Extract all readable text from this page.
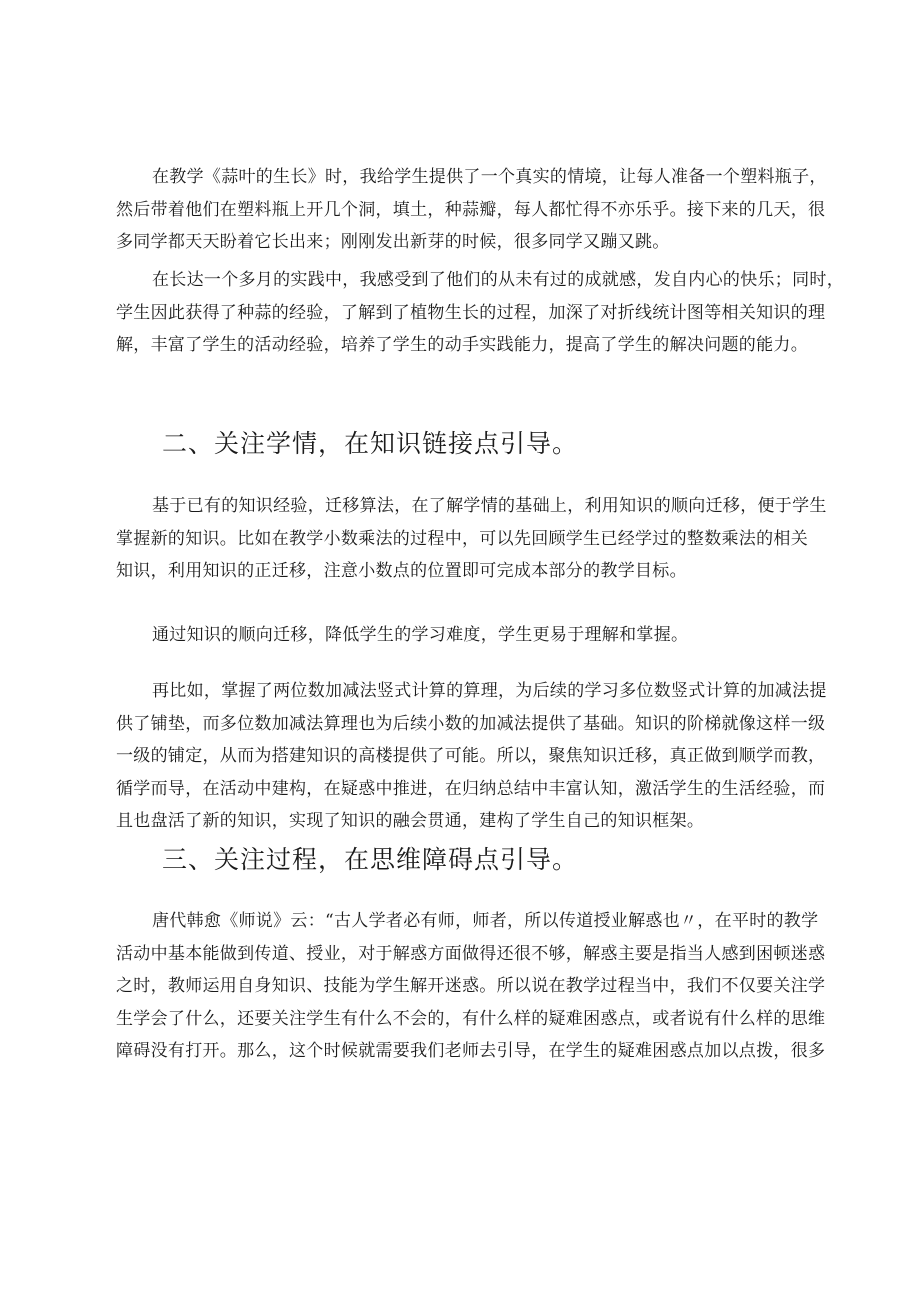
在教学《蒜叶的生长》时，我给学生提供了一个真实的情境，让每人准备一个塑料瓶子，
然后带着他们在塑料瓶上开几个洞，填土，种蒜瓣，每人都忙得不亦乐乎。接下来的几天，很
多同学都天天盼着它长出来；刚刚发出新芽的时候，很多同学又蹦又跳。

在长达一个多月的实践中，我感受到了他们的从未有过的成就感，发自内心的快乐；同时，
学生因此获得了种蒜的经验，了解到了植物生长的过程，加深了对折线统计图等相关知识的理
解，丰富了学生的活动经验，培养了学生的动手实践能力，提高了学生的解决问题的能力。

二、关注学情，在知识链接点引导。

基于已有的知识经验，迁移算法，在了解学情的基础上，利用知识的顺向迁移，便于学生
掌握新的知识。比如在教学小数乘法的过程中，可以先回顾学生已经学过的整数乘法的相关
知识，利用知识的正迁移，注意小数点的位置即可完成本部分的教学目标。

通过知识的顺向迁移，降低学生的学习难度，学生更易于理解和掌握。

再比如，掌握了两位数加减法竖式计算的算理，为后续的学习多位数竖式计算的加减法提
供了铺垫，而多位数加减法算理也为后续小数的加减法提供了基础。知识的阶梯就像这样一级
一级的铺定，从而为搭建知识的高楼提供了可能。所以，聚焦知识迁移，真正做到顺学而教，
循学而导，在活动中建构，在疑惑中推进，在归纳总结中丰富认知，激活学生的生活经验，而
且也盘活了新的知识，实现了知识的融会贯通，建构了学生自己的知识框架。

三、关注过程，在思维障碍点引导。

唐代韩愈《师说》云：“古人学者必有师，师者，所以传道授业解惑也〃，在平时的教学
活动中基本能做到传道、授业，对于解惑方面做得还很不够，解惑主要是指当人感到困顿迷惑
之时，教师运用自身知识、技能为学生解开迷惑。所以说在教学过程当中，我们不仅要关注学
生学会了什么，还要关注学生有什么不会的，有什么样的疑难困惑点，或者说有什么样的思维
障碍没有打开。那么，这个时候就需要我们老师去引导，在学生的疑难困惑点加以点拨，很多
